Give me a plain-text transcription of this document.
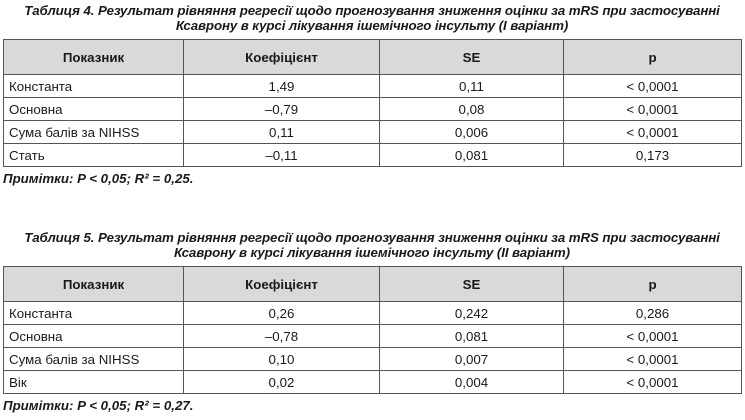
Таблиця 4. Результат рівняння регресії щодо прогнозування зниження оцінки за mRS при застосуванні
Ксаврону в курсі лікування ішемічного інсульту (I варіант)
Показник	Коефіцієнт	SE	p
Константа	1,49	0,11	< 0,0001
Основна	–0,79	0,08	< 0,0001
Сума балів за NIHSS	0,11	0,006	< 0,0001
Стать	–0,11	0,081	0,173
Примітки: P < 0,05; R² = 0,25.
Таблиця 5. Результат рівняння регресії щодо прогнозування зниження оцінки за mRS при застосуванні
Ксаврону в курсі лікування ішемічного інсульту (II варіант)
Показник	Коефіцієнт	SE	p
Константа	0,26	0,242	0,286
Основна	–0,78	0,081	< 0,0001
Сума балів за NIHSS	0,10	0,007	< 0,0001
Вік	0,02	0,004	< 0,0001
Примітки: P < 0,05; R² = 0,27.
